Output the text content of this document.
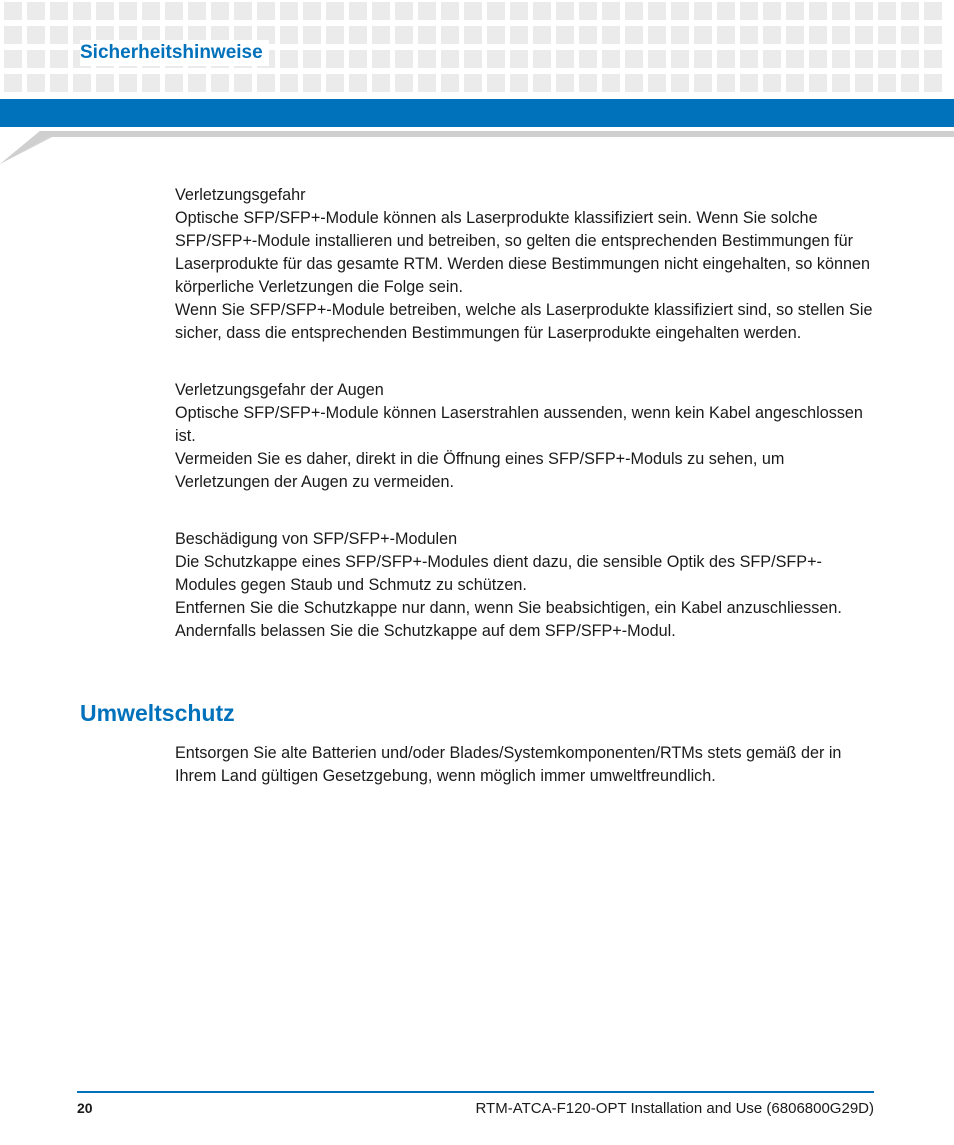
Sicherheitshinweise

Verletzungsgefahr

Optische SFP/SFP+-Module können als Laserprodukte klassifiziert sein. Wenn Sie solche SFP/SFP+-Module installieren und betreiben, so gelten die entsprechenden Bestimmungen für Laserprodukte für das gesamte RTM. Werden diese Bestimmungen nicht eingehalten, so können körperliche Verletzungen die Folge sein.

Wenn Sie SFP/SFP+-Module betreiben, welche als Laserprodukte klassifiziert sind, so stellen Sie sicher, dass die entsprechenden Bestimmungen für Laserprodukte eingehalten werden.

Verletzungsgefahr der Augen

Optische SFP/SFP+-Module können Laserstrahlen aussenden, wenn kein Kabel angeschlossen ist.

Vermeiden Sie es daher, direkt in die Öffnung eines SFP/SFP+-Moduls zu sehen, um Verletzungen der Augen zu vermeiden.

Beschädigung von SFP/SFP+-Modulen

Die Schutzkappe eines SFP/SFP+-Modules dient dazu, die sensible Optik des SFP/SFP+-Modules gegen Staub und Schmutz zu schützen.

Entfernen Sie die Schutzkappe nur dann, wenn Sie beabsichtigen, ein Kabel anzuschliessen. Andernfalls belassen Sie die Schutzkappe auf dem SFP/SFP+-Modul.

Umweltschutz

Entsorgen Sie alte Batterien und/oder Blades/Systemkomponenten/RTMs stets gemäß der in Ihrem Land gültigen Gesetzgebung, wenn möglich immer umweltfreundlich.

20	RTM-ATCA-F120-OPT Installation and Use (6806800G29D)
